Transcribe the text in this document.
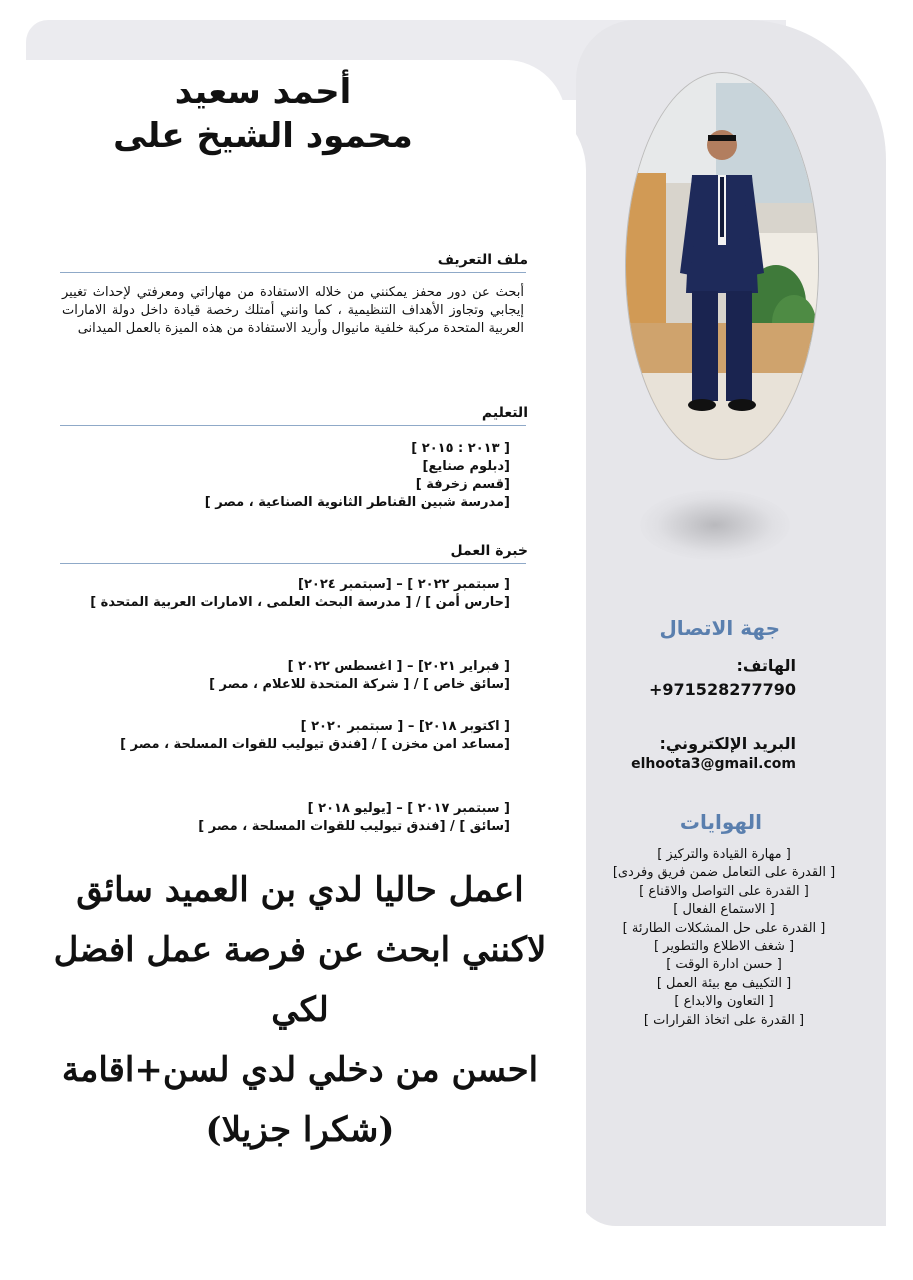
أحمد سعيد
محمود الشيخ على
ملف التعريف
أبحث عن دور محفز يمكنني من خلاله الاستفادة من مهاراتي ومعرفتي لإحداث تغيير إيجابي وتجاوز الأهداف التنظيمية ، كما وانني أمتلك رخصة قيادة داخل دولة الامارات العربية المتحدة مركبة خلفية مانيوال وأريد الاستفادة من هذه الميزة بالعمل الميدانى
التعليم
[ ٢٠١٣ : ٢٠١٥ ]
[دبلوم صنايع]
[قسم زخرفة ]
[مدرسة شبين القناطر الثانوية الصناعية ، مصر ]
خبرة العمل
[ سبتمبر ٢٠٢٢ ] – [سبتمبر ٢٠٢٤]
[حارس أمن ] / [ مدرسة البحث العلمى ، الامارات العربية المتحدة ]
[ فبراير ٢٠٢١] – [ اغسطس ٢٠٢٢ ]
[سائق خاص ] / [ شركة المتحدة للاعلام ، مصر ]
[ اكتوبر ٢٠١٨] – [ سبتمبر ٢٠٢٠ ]
[مساعد امن مخزن ] / [فندق تيوليب للقوات المسلحة ، مصر ]
[ سبتمبر ٢٠١٧ ] – [يوليو ٢٠١٨ ]
[سائق ] / [فندق تيوليب للقوات المسلحة ، مصر ]
اعمل حاليا لدي بن العميد سائق
لاكنني ابحث عن فرصة عمل افضل لكي
احسن من دخلي لدي لسن+اقامة
(شكرا جزيلا)
جهة الاتصال
الهاتف:
+971528277790
البريد الإلكتروني:
elhoota3@gmail.com
الهوايات
[ مهارة القيادة والتركيز ]
[ القدرة على التعامل ضمن فريق وفردى]
[ القدرة على التواصل والاقناع ]
[ الاستماع الفعال ]
[ القدرة على حل المشكلات الطارئة ]
[ شغف الاطلاع والتطوير ]
[ حسن ادارة الوقت ]
[ التكييف مع بيئة العمل ]
[ التعاون والابداع ]
[ القدرة على اتخاذ القرارات ]
